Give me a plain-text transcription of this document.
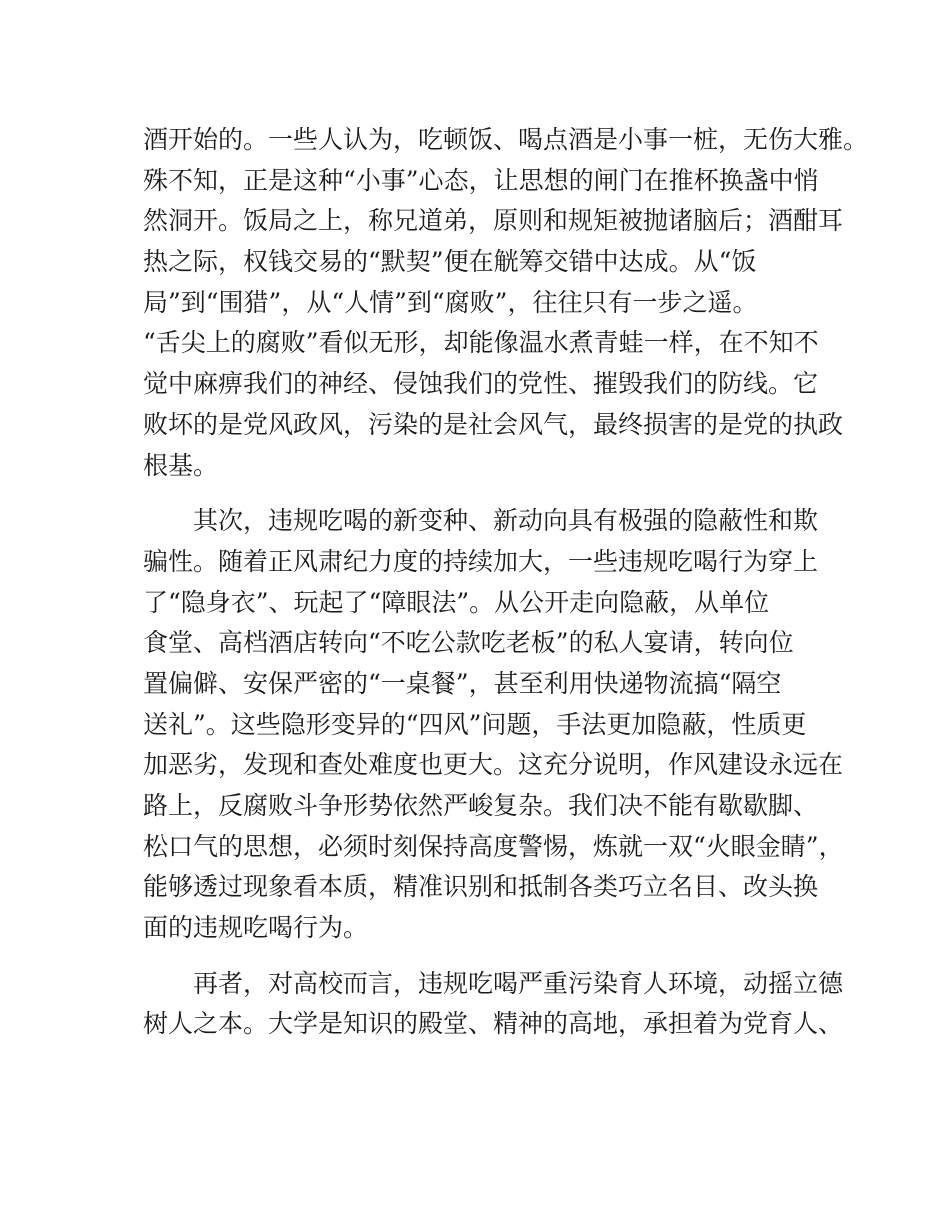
酒开始的。一些人认为，吃顿饭、喝点酒是小事一桩，无伤大雅。
殊不知，正是这种“小事”心态，让思想的闸门在推杯换盏中悄
然洞开。饭局之上，称兄道弟，原则和规矩被抛诸脑后；酒酣耳
热之际，权钱交易的“默契”便在觥筹交错中达成。从“饭
局”到“围猎”，从“人情”到“腐败”，往往只有一步之遥。
“舌尖上的腐败”看似无形，却能像温水煮青蛙一样，在不知不
觉中麻痹我们的神经、侵蚀我们的党性、摧毁我们的防线。它
败坏的是党风政风，污染的是社会风气，最终损害的是党的执政
根基。

其次，违规吃喝的新变种、新动向具有极强的隐蔽性和欺
骗性。随着正风肃纪力度的持续加大，一些违规吃喝行为穿上
了“隐身衣”、玩起了“障眼法”。从公开走向隐蔽，从单位
食堂、高档酒店转向“不吃公款吃老板”的私人宴请，转向位
置偏僻、安保严密的“一桌餐”，甚至利用快递物流搞“隔空
送礼”。这些隐形变异的“四风”问题，手法更加隐蔽，性质更
加恶劣，发现和查处难度也更大。这充分说明，作风建设永远在
路上，反腐败斗争形势依然严峻复杂。我们决不能有歇歇脚、
松口气的思想，必须时刻保持高度警惕，炼就一双“火眼金睛”，
能够透过现象看本质，精准识别和抵制各类巧立名目、改头换
面的违规吃喝行为。

再者，对高校而言，违规吃喝严重污染育人环境，动摇立德
树人之本。大学是知识的殿堂、精神的高地，承担着为党育人、
